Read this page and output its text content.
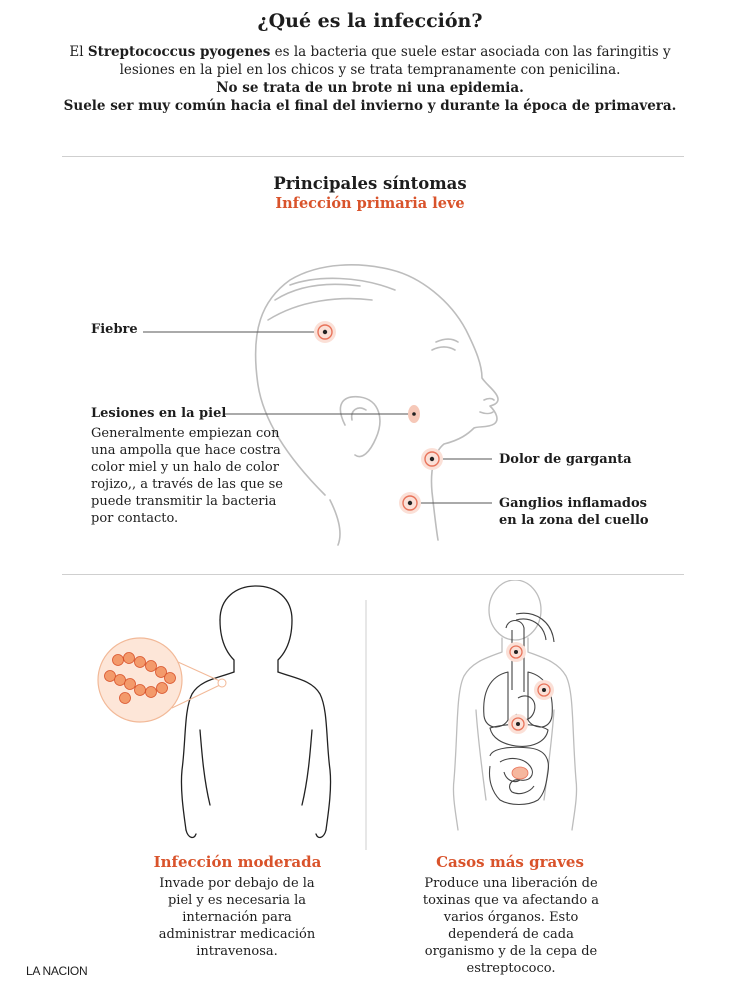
¿Qué es la infección?
El Streptococcus pyogenes es la bacteria que suele estar asociada con las faringitis y lesiones en la piel en los chicos y se trata tempranamente con penicilina.
No se trata de un brote ni una epidemia.
Suele ser muy común hacia el final del invierno y durante la época de primavera.
Principales síntomas
Infección primaria leve
Fiebre
Lesiones en la piel
Generalmente empiezan con una ampolla que hace costra color miel y un halo de color rojizo,, a través de las que se puede transmitir la bacteria por contacto.
Dolor de garganta
Ganglios inflamados en la zona del cuello
Infección moderada
Invade por debajo de la piel y es necesaria la internación para administrar medicación intravenosa.
Casos más graves
Produce una liberación de toxinas que va afectando a varios órganos. Esto dependerá de cada organismo y de la cepa de estreptococo.
LA NACION
